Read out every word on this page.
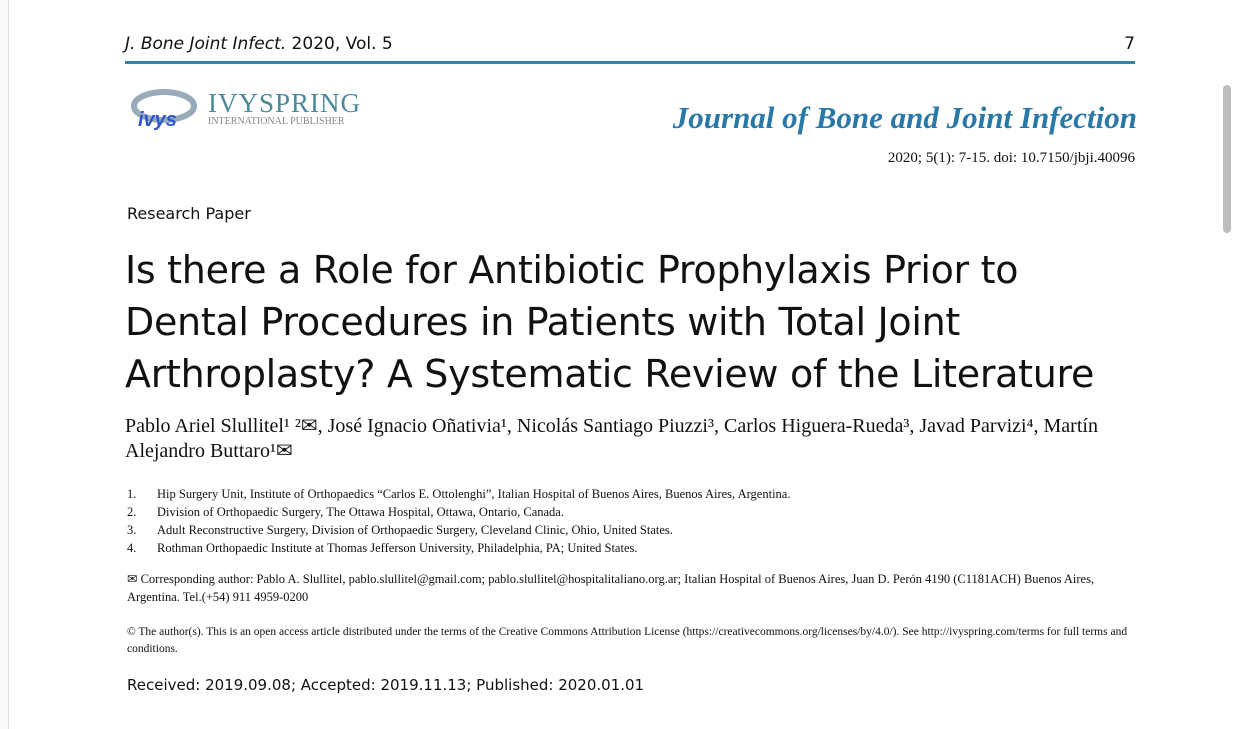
J. Bone Joint Infect. 2020, Vol. 5	7
ivys
IVYSPRING
INTERNATIONAL PUBLISHER	Journal of Bone and Joint Infection
2020; 5(1): 7-15. doi: 10.7150/jbji.40096
Research Paper
Is there a Role for Antibiotic Prophylaxis Prior to Dental Procedures in Patients with Total Joint Arthroplasty? A Systematic Review of the Literature
Pablo Ariel Slullitel¹ ²✉, José Ignacio Oñativia¹, Nicolás Santiago Piuzzi³, Carlos Higuera-Rueda³, Javad Parvizi⁴, Martín Alejandro Buttaro¹✉
1. Hip Surgery Unit, Institute of Orthopaedics “Carlos E. Ottolenghi”, Italian Hospital of Buenos Aires, Buenos Aires, Argentina.
2. Division of Orthopaedic Surgery, The Ottawa Hospital, Ottawa, Ontario, Canada.
3. Adult Reconstructive Surgery, Division of Orthopaedic Surgery, Cleveland Clinic, Ohio, United States.
4. Rothman Orthopaedic Institute at Thomas Jefferson University, Philadelphia, PA; United States.
✉ Corresponding author: Pablo A. Slullitel, pablo.slullitel@gmail.com; pablo.slullitel@hospitalitaliano.org.ar; Italian Hospital of Buenos Aires, Juan D. Perón 4190 (C1181ACH) Buenos Aires, Argentina. Tel.(+54) 911 4959-0200
© The author(s). This is an open access article distributed under the terms of the Creative Commons Attribution License (https://creativecommons.org/licenses/by/4.0/). See http://ivyspring.com/terms for full terms and conditions.
Received: 2019.09.08; Accepted: 2019.11.13; Published: 2020.01.01
